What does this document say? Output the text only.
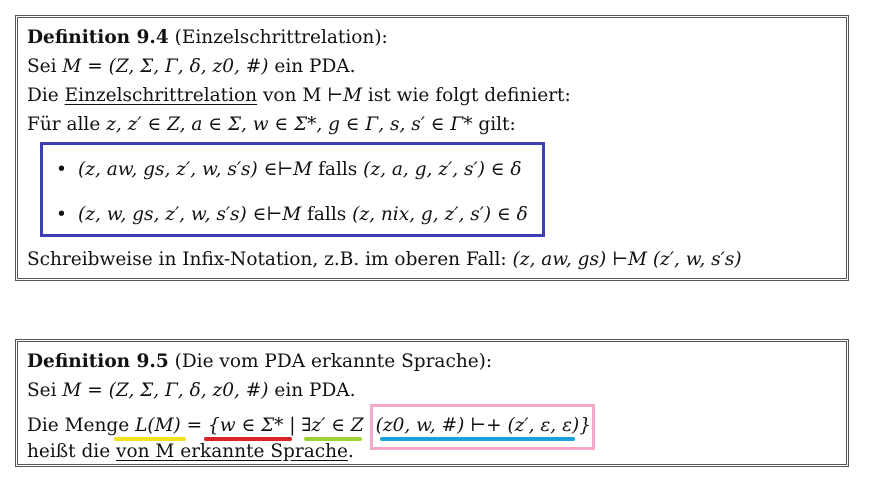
Definition 9.4 (Einzelschrittrelation):
Sei M = (Z, Σ, Γ, δ, z0, #) ein PDA.
Die Einzelschrittrelation von M ⊢M ist wie folgt definiert:
Für alle z, z′ ∈ Z, a ∈ Σ, w ∈ Σ*, g ∈ Γ, s, s′ ∈ Γ* gilt:
• (z, aw, gs, z′, w, s′s) ∈⊢M falls (z, a, g, z′, s′) ∈ δ
• (z, w, gs, z′, w, s′s) ∈⊢M falls (z, nix, g, z′, s′) ∈ δ
Schreibweise in Infix-Notation, z.B. im oberen Fall: (z, aw, gs) ⊢M (z′, w, s′s)
Definition 9.5 (Die vom PDA erkannte Sprache):
Sei M = (Z, Σ, Γ, δ, z0, #) ein PDA.
Die Menge L(M) = {w ∈ Σ* | ∃z′ ∈ Z (z0, w, #) ⊢+ (z′, ε, ε)}
heißt die von M erkannte Sprache.
